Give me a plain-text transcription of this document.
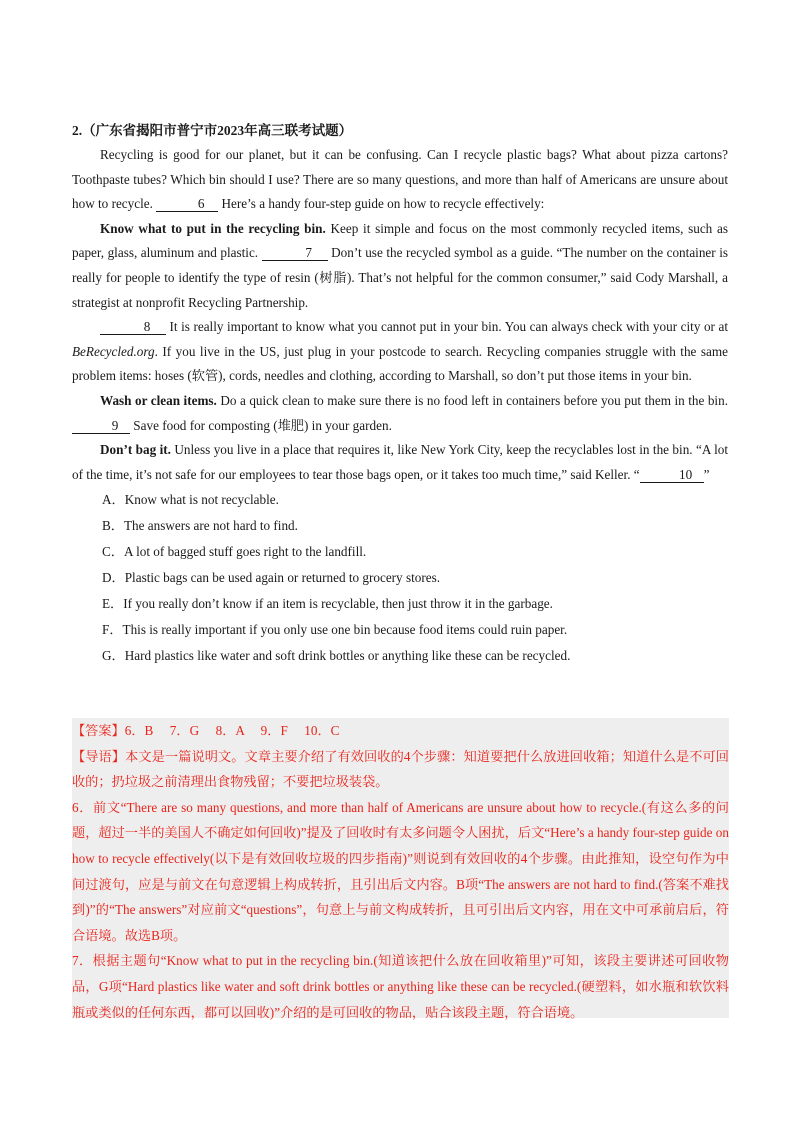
2.（广东省揭阳市普宁市2023年高三联考试题）

Recycling is good for our planet, but it can be confusing. Can I recycle plastic bags? What about pizza cartons? Toothpaste tubes? Which bin should I use? There are so many questions, and more than half of Americans are unsure about how to recycle.	6 Here’s a handy four-step guide on how to recycle effectively:

Know what to put in the recycling bin. Keep it simple and focus on the most commonly recycled items, such as paper, glass, aluminum and plastic.	7 Don’t use the recycled symbol as a guide. “The number on the container is really for people to identify the type of resin (树脂). That’s not helpful for the common consumer,” said Cody Marshall, a strategist at nonprofit Recycling Partnership.

8 It is really important to know what you cannot put in your bin. You can always check with your city or at BeRecycled.org. If you live in the US, just plug in your postcode to search. Recycling companies struggle with the same problem items: hoses (软管), cords, needles and clothing, according to Marshall, so don’t put those items in your bin.

Wash or clean items. Do a quick clean to make sure there is no food left in containers before you put them in the bin. 9 Save food for composting (堆肥) in your garden.

Don’t bag it. Unless you live in a place that requires it, like New York City, keep the recyclables lost in the bin. “A lot of the time, it’s not safe for our employees to tear those bags open, or it takes too much time,” said Keller. “	10 ”

A．Know what is not recyclable.
B．The answers are not hard to find.
C．A lot of bagged stuff goes right to the landfill.
D．Plastic bags can be used again or returned to grocery stores.
E．If you really don’t know if an item is recyclable, then just throw it in the garbage.
F．This is really important if you only use one bin because food items could ruin paper.
G．Hard plastics like water and soft drink bottles or anything like these can be recycled.
【答案】6．B　 7．G　 8．A　 9．F　 10．C
【导语】本文是一篇说明文。文章主要介绍了有效回收的4个步骤：知道要把什么放进回收箱；知道什么是不可回收的；扔垃圾之前清理出食物残留；不要把垃圾装袋。
6．前文“There are so many questions, and more than half of Americans are unsure about how to recycle.(有这么多的问题，超过一半的美国人不确定如何回收)”提及了回收时有太多问题令人困扰，后文“Here’s a handy four-step guide on how to recycle effectively(以下是有效回收垃圾的四步指南)”则说到有效回收的4个步骤。由此推知，设空句作为中间过渡句，应是与前文在句意逻辑上构成转折，且引出后文内容。B项“The answers are not hard to find.(答案不难找到)”的“The answers”对应前文“questions”，句意上与前文构成转折，且可引出后文内容，用在文中可承前启后，符合语境。故选B项。
7．根据主题句“Know what to put in the recycling bin.(知道该把什么放在回收箱里)”可知，该段主要讲述可回收物品，G项“Hard plastics like water and soft drink bottles or anything like these can be recycled.(硬塑料，如水瓶和软饮料瓶或类似的任何东西，都可以回收)”介绍的是可回收的物品，贴合该段主题，符合语境。
